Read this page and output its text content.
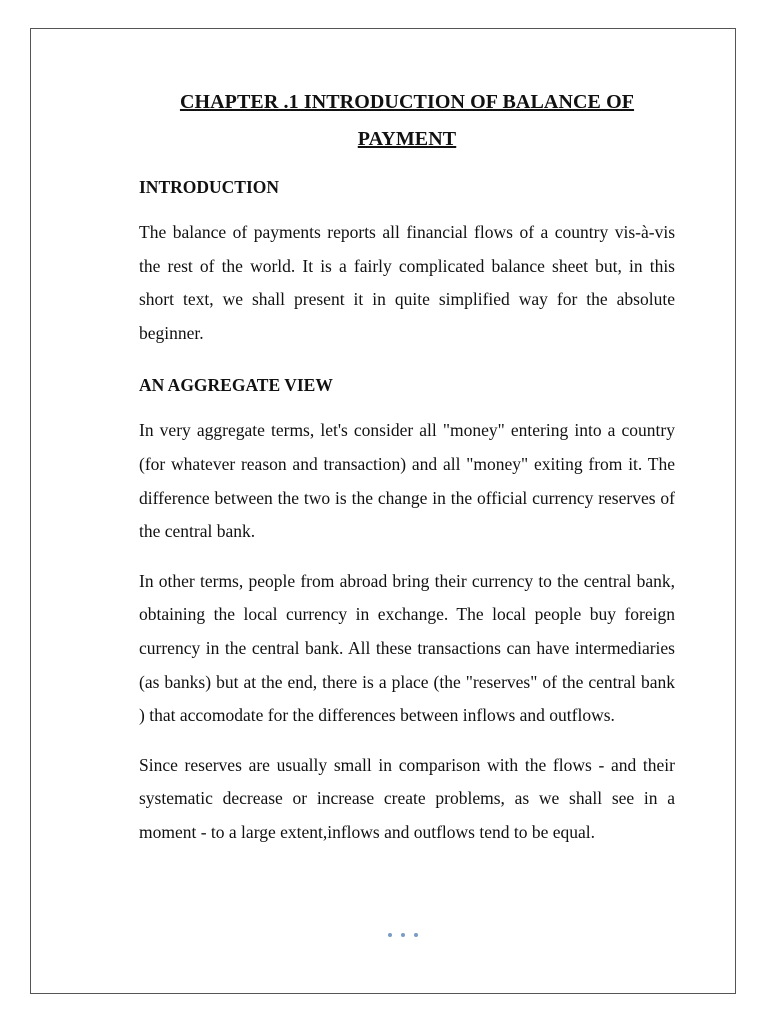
CHAPTER .1 INTRODUCTION OF BALANCE OF PAYMENT
INTRODUCTION

The balance of payments reports all financial flows of a country vis-à-vis the rest of the world. It is a fairly complicated balance sheet but, in this short text, we shall present it in quite simplified way for the absolute beginner.

AN AGGREGATE VIEW

In very aggregate terms, let's consider all "money" entering into a country (for whatever reason and transaction) and all "money" exiting from it. The difference between the two is the change in the official currency reserves of the central bank.

In other terms, people from abroad bring their currency to the central bank, obtaining the local currency in exchange. The local people buy foreign currency in the central bank. All these transactions can have intermediaries (as banks) but at the end, there is a place (the "reserves" of the central bank ) that accomodate for the differences between inflows and outflows.

Since reserves are usually small in comparison with the flows - and their systematic decrease or increase create problems, as we shall see in a moment - to a large extent,inflows and outflows tend to be equal.
